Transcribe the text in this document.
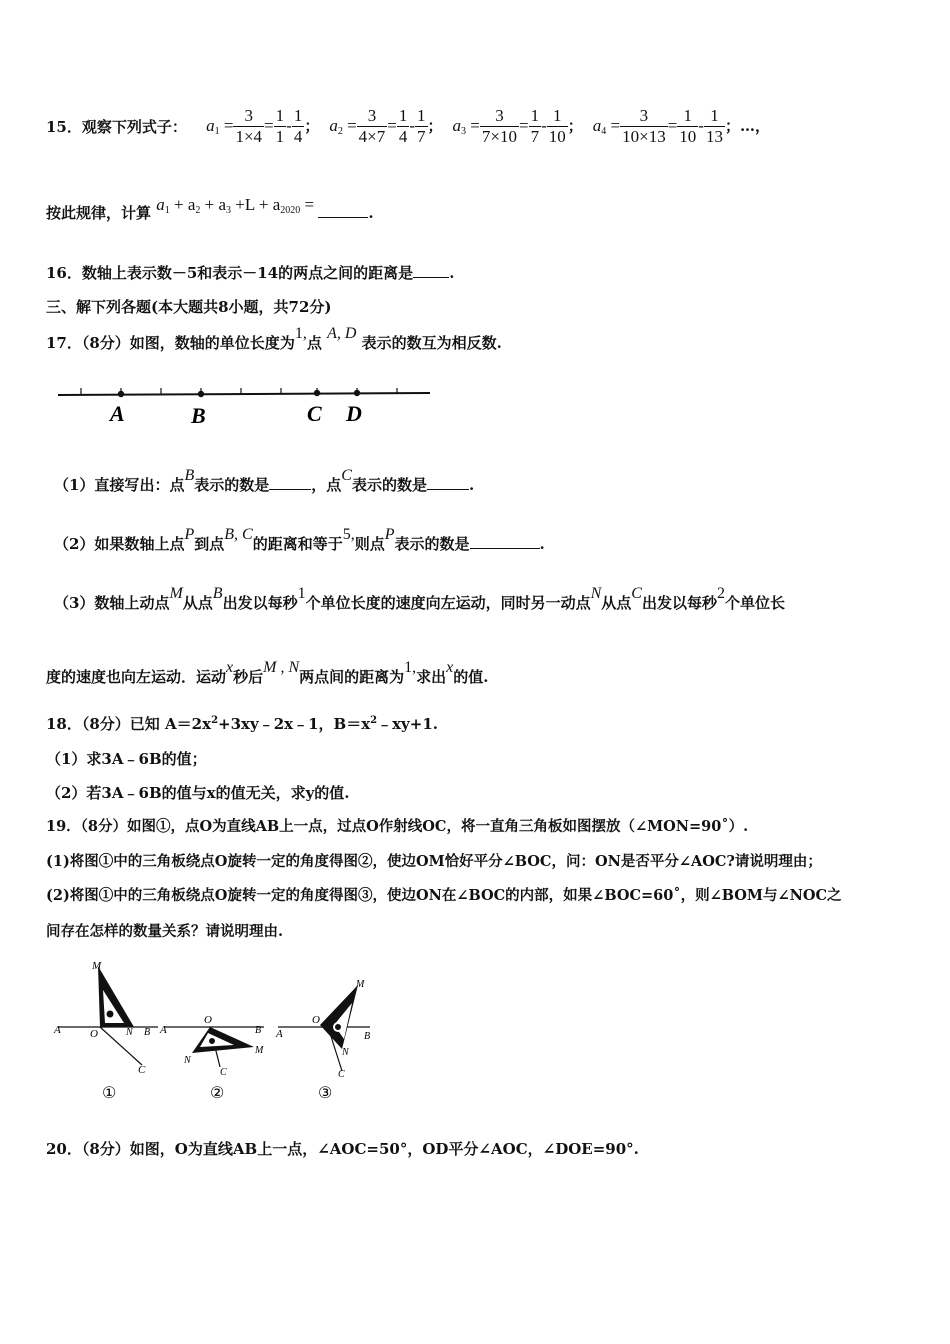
15．观察下列式子： $a_1 = \frac{3}{1\times 4} = \frac{1}{1} - \frac{1}{4}$ ； $a_2 = \frac{3}{4\times 7} = \frac{1}{4} - \frac{1}{7}$ ； $a_3 = \frac{3}{7\times 10} = \frac{1}{7} - \frac{1}{10}$ ； $a_4 = \frac{3}{10\times 13} = \frac{1}{10} - \frac{1}{13}$ ；…，
按此规律，计算 $a_1 + a_2 + a_3 +L + a_{2020}$ =	.
16．数轴上表示数－5和表示－14的两点之间的距离是 .
三、解下列各题(本大题共8小题，共72分)
17．（8分）如图，数轴的单位长度为1,点 A, D 表示的数互为相反数.
A	B	C D
（1）直接写出：点B表示的数是	，点C表示的数是	.
（2）如果数轴上点P到点B, C的距离和等于5,则点P表示的数是	.
（3）数轴上动点M从点B出发以每秒1个单位长度的速度向左运动，同时另一动点N从点C出发以每秒2个单位长
度的速度也向左运动．运动x秒后M , N两点间的距离为1,求出x的值.
18．（8分）已知 $A=2x^2+3xy﹣2x﹣1$，$B=x^2﹣xy+1$.
（1）求3A﹣6B的值；
（2）若3A﹣6B的值与x的值无关，求y的值.
19．（8分）如图①，点O为直线AB上一点，过点O作射线OC，将一直角三角板如图摆放（∠MON=90˚）.
(1)将图①中的三角板绕点O旋转一定的角度得图②，使边OM恰好平分∠BOC，问：ON是否平分∠AOC?请说明理由；
(2)将图①中的三角板绕点O旋转一定的角度得图③，使边ON在∠BOC的内部，如果∠BOC=60˚，则∠BOM与∠NOC之
间存在怎样的数量关系？请说明理由.
M
A	O	N B
C
①
A
O
B
N
M
C
②
A
O
B
M
N
C
③
20．（8分）如图，O为直线AB上一点，∠AOC=50°，OD平分∠AOC，∠DOE=90°.
